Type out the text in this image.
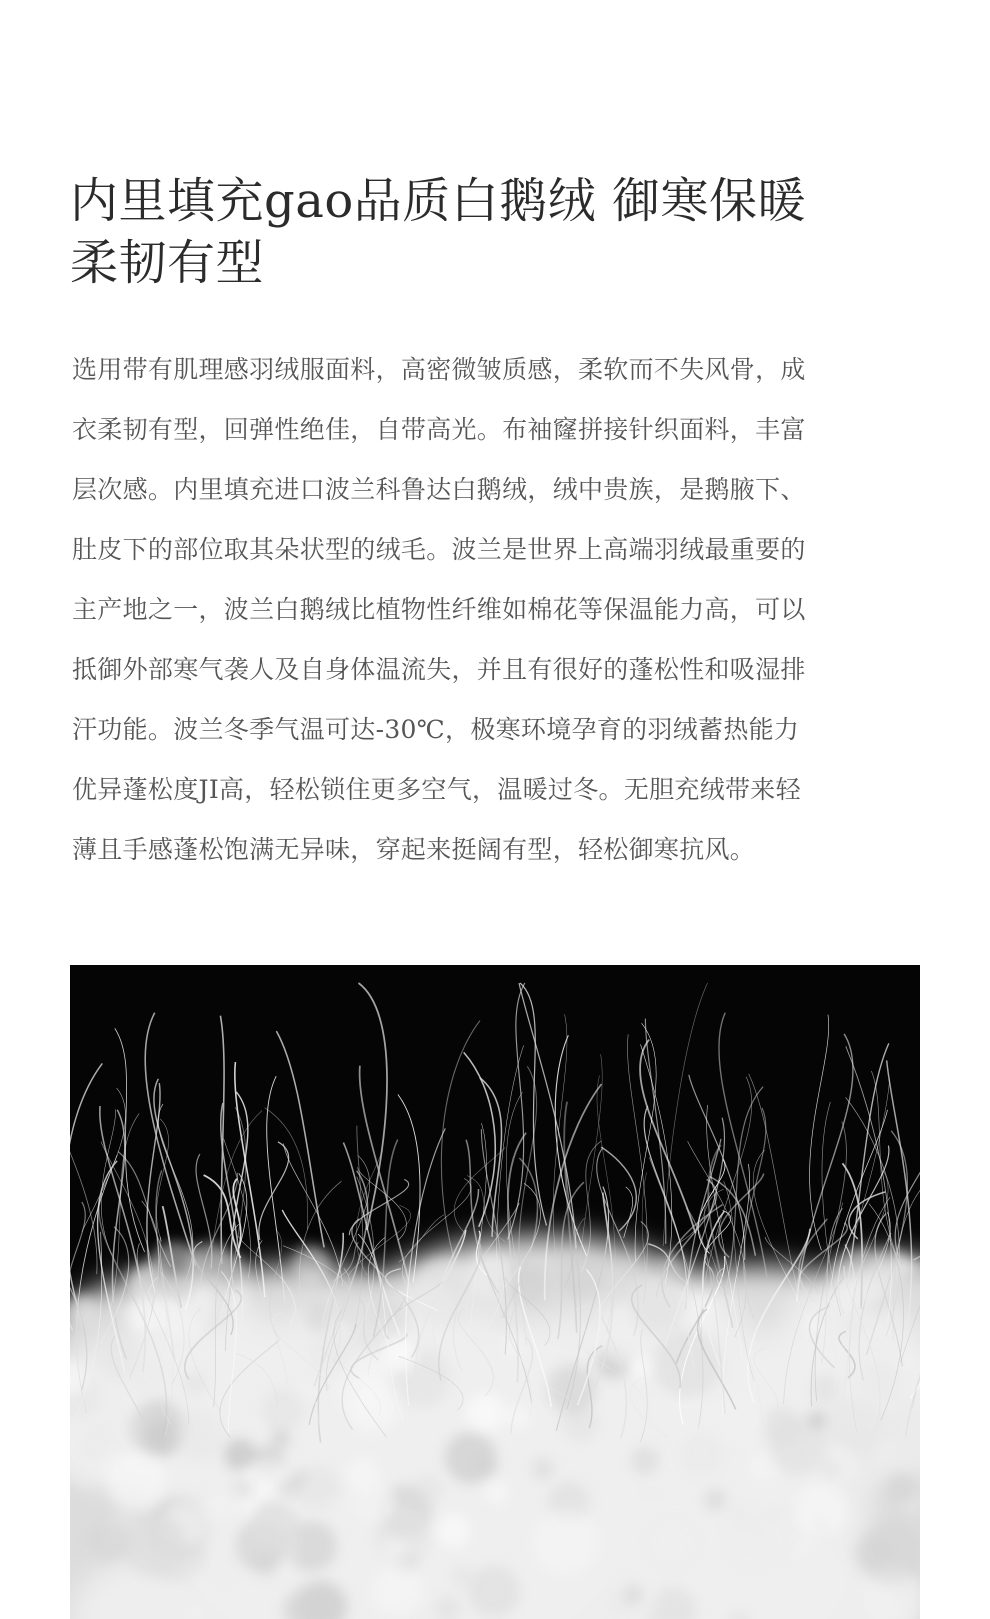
内里填充gao品质白鹅绒 御寒保暖
柔韧有型
选用带有肌理感羽绒服面料，高密微皱质感，柔软而不失风骨，成
衣柔韧有型，回弹性绝佳，自带高光。布袖窿拼接针织面料，丰富
层次感。内里填充进口波兰科鲁达白鹅绒，绒中贵族，是鹅腋下、
肚皮下的部位取其朵状型的绒毛。波兰是世界上高端羽绒最重要的
主产地之一，波兰白鹅绒比植物性纤维如棉花等保温能力高，可以
抵御外部寒气袭人及自身体温流失，并且有很好的蓬松性和吸湿排
汗功能。波兰冬季气温可达-30℃，极寒环境孕育的羽绒蓄热能力
优异蓬松度JI高，轻松锁住更多空气，温暖过冬。无胆充绒带来轻
薄且手感蓬松饱满无异味，穿起来挺阔有型，轻松御寒抗风。
